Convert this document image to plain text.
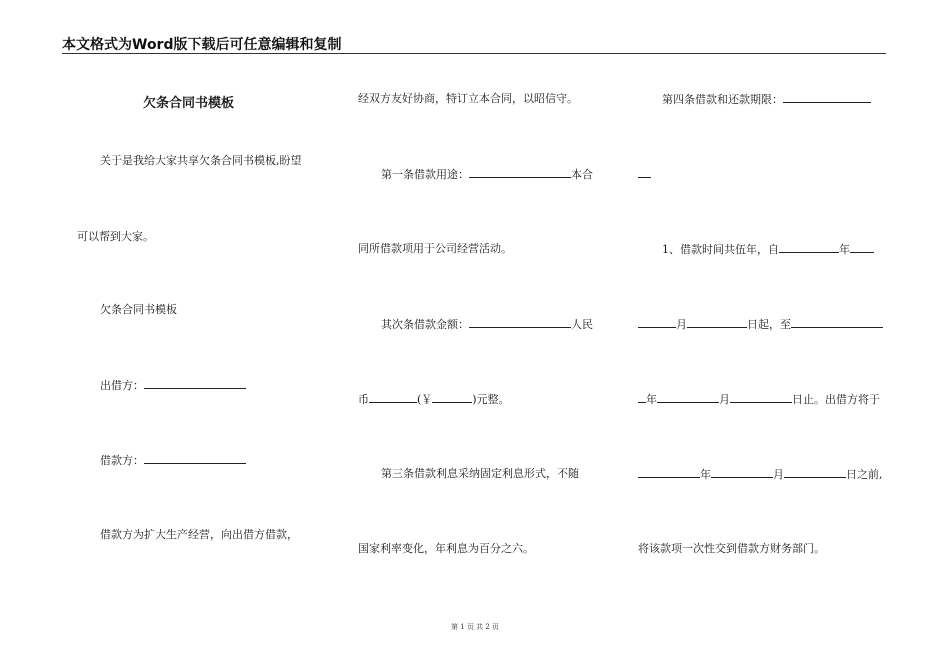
本文格式为Word版下载后可任意编辑和复制
欠条合同书模板
关于是我给大家共享欠条合同书模板,盼望
可以帮到大家。
欠条合同书模板
出借方：
借款方：
借款方为扩大生产经营，向出借方借款，
经双方友好协商，特订立本合同，以昭信守。
第一条借款用途：	本合
同所借款项用于公司经营活动。
其次条借款金额：	人民
币	(￥	)元整。
第三条借款利息采纳固定利息形式，不随
国家利率变化，年利息为百分之六。
第四条借款和还款期限：
1、借款时间共伍年，自	年
月	日起，至
年	月	日止。出借方将于
年	月	日之前,
将该款项一次性交到借款方财务部门。
第 1 页 共 2 页
